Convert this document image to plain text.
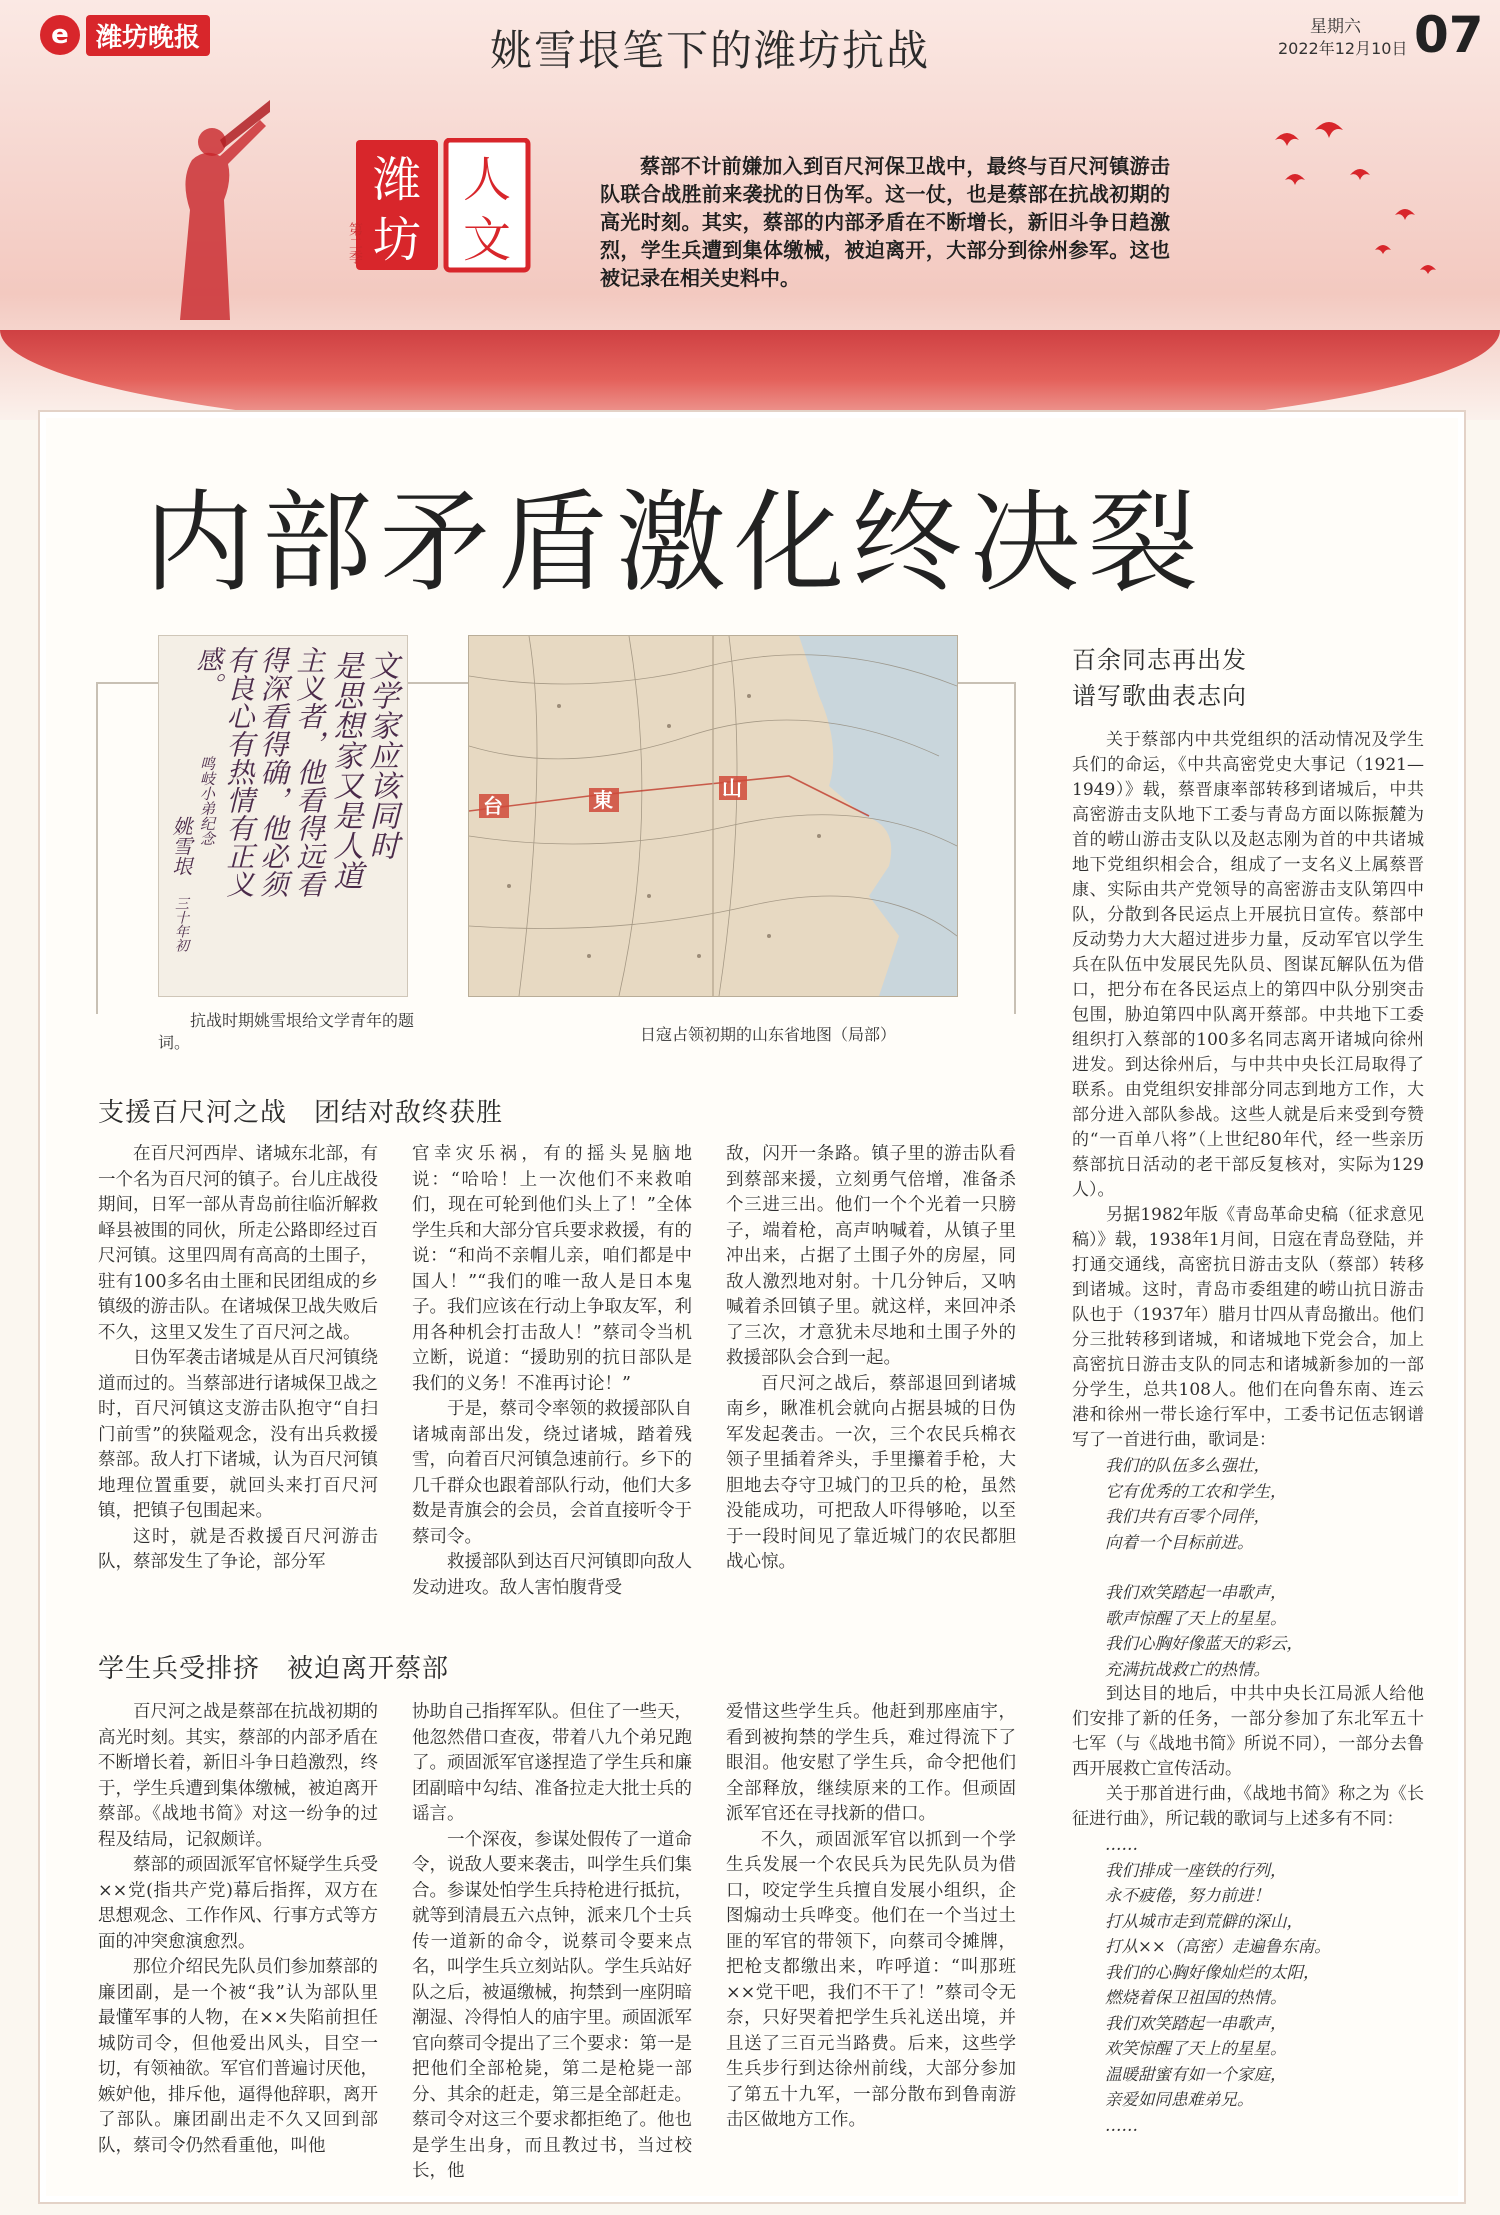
e	潍坊晚报	姚雪垠笔下的潍坊抗战	星期六
2022年12月10日 07
潍 人
坊 文
第二季
蔡部不计前嫌加入到百尺河保卫战中，最终与百尺河镇游击队联合战胜前来袭扰的日伪军。这一仗，也是蔡部在抗战初期的高光时刻。其实，蔡部的内部矛盾在不断增长，新旧斗争日趋激烈，学生兵遭到集体缴械，被迫离开，大部分到徐州参军。这也被记录在相关史料中。
内部矛盾激化终决裂
文学家应该同时
是思想家又是人道
主义者，他看得远看
得深看得确，他必须
有良心有热情有正义
感。
鸣岐小弟纪念
姚雪垠
三十年初
台	東	山
抗战时期姚雪垠给文学青年的题词。	日寇占领初期的山东省地图（局部）
支援百尺河之战　团结对敌终获胜

在百尺河西岸、诸城东北部，有一个名为百尺河的镇子。台儿庄战役期间，日军一部从青岛前往临沂解救峄县被围的同伙，所走公路即经过百尺河镇。这里四周有高高的土围子，驻有100多名由土匪和民团组成的乡镇级的游击队。在诸城保卫战失败后不久，这里又发生了百尺河之战。

日伪军袭击诸城是从百尺河镇绕道而过的。当蔡部进行诸城保卫战之时，百尺河镇这支游击队抱守“自扫门前雪”的狭隘观念，没有出兵救援蔡部。敌人打下诸城，认为百尺河镇地理位置重要，就回头来打百尺河镇，把镇子包围起来。

这时，就是否救援百尺河游击队，蔡部发生了争论，部分军

官幸灾乐祸，有的摇头晃脑地说：“哈哈！上一次他们不来救咱们，现在可轮到他们头上了！”全体学生兵和大部分官兵要求救援，有的说：“和尚不亲帽儿亲，咱们都是中国人！”“我们的唯一敌人是日本鬼子。我们应该在行动上争取友军，利用各种机会打击敌人！”蔡司令当机立断，说道：“援助别的抗日部队是我们的义务！不准再讨论！”

于是，蔡司令率领的救援部队自诸城南部出发，绕过诸城，踏着残雪，向着百尺河镇急速前行。乡下的几千群众也跟着部队行动，他们大多数是青旗会的会员，会首直接听令于蔡司令。

救援部队到达百尺河镇即向敌人发动进攻。敌人害怕腹背受

敌，闪开一条路。镇子里的游击队看到蔡部来援，立刻勇气倍增，准备杀个三进三出。他们一个个光着一只膀子，端着枪，高声呐喊着，从镇子里冲出来，占据了土围子外的房屋，同敌人激烈地对射。十几分钟后，又呐喊着杀回镇子里。就这样，来回冲杀了三次，才意犹未尽地和土围子外的救援部队会合到一起。

百尺河之战后，蔡部退回到诸城南乡，瞅准机会就向占据县城的日伪军发起袭击。一次，三个农民兵棉衣领子里插着斧头，手里攥着手枪，大胆地去夺守卫城门的卫兵的枪，虽然没能成功，可把敌人吓得够呛，以至于一段时间见了靠近城门的农民都胆战心惊。

学生兵受排挤　被迫离开蔡部

百尺河之战是蔡部在抗战初期的高光时刻。其实，蔡部的内部矛盾在不断增长着，新旧斗争日趋激烈，终于，学生兵遭到集体缴械，被迫离开蔡部。《战地书简》对这一纷争的过程及结局，记叙颇详。

蔡部的顽固派军官怀疑学生兵受××党(指共产党)幕后指挥，双方在思想观念、工作作风、行事方式等方面的冲突愈演愈烈。

那位介绍民先队员们参加蔡部的廉团副，是一个被“我”认为部队里最懂军事的人物，在××失陷前担任城防司令，但他爱出风头，目空一切，有领袖欲。军官们普遍讨厌他，嫉妒他，排斥他，逼得他辞职，离开了部队。廉团副出走不久又回到部队，蔡司令仍然看重他，叫他

协助自己指挥军队。但住了一些天，他忽然借口查夜，带着八九个弟兄跑了。顽固派军官遂捏造了学生兵和廉团副暗中勾结、准备拉走大批士兵的谣言。

一个深夜，参谋处假传了一道命令，说敌人要来袭击，叫学生兵们集合。参谋处怕学生兵持枪进行抵抗，就等到清晨五六点钟，派来几个士兵传一道新的命令，说蔡司令要来点名，叫学生兵立刻站队。学生兵站好队之后，被逼缴械，拘禁到一座阴暗潮湿、冷得怕人的庙宇里。顽固派军官向蔡司令提出了三个要求：第一是把他们全部枪毙，第二是枪毙一部分、其余的赶走，第三是全部赶走。蔡司令对这三个要求都拒绝了。他也是学生出身，而且教过书，当过校长，他

爱惜这些学生兵。他赶到那座庙宇，看到被拘禁的学生兵，难过得流下了眼泪。他安慰了学生兵，命令把他们全部释放，继续原来的工作。但顽固派军官还在寻找新的借口。

不久，顽固派军官以抓到一个学生兵发展一个农民兵为民先队员为借口，咬定学生兵擅自发展小组织，企图煽动士兵哗变。他们在一个当过土匪的军官的带领下，向蔡司令摊牌，把枪支都缴出来，咋呼道：“叫那班××党干吧，我们不干了！”蔡司令无奈，只好哭着把学生兵礼送出境，并且送了三百元当路费。后来，这些学生兵步行到达徐州前线，大部分参加了第五十九军，一部分散布到鲁南游击区做地方工作。

百余同志再出发
谱写歌曲表志向

关于蔡部内中共党组织的活动情况及学生兵们的命运，《中共高密党史大事记（1921—1949）》载，蔡晋康率部转移到诸城后，中共高密游击支队地下工委与青岛方面以陈振麓为首的崂山游击支队以及赵志刚为首的中共诸城地下党组织相会合，组成了一支名义上属蔡晋康、实际由共产党领导的高密游击支队第四中队，分散到各民运点上开展抗日宣传。蔡部中反动势力大大超过进步力量，反动军官以学生兵在队伍中发展民先队员、图谋瓦解队伍为借口，把分布在各民运点上的第四中队分别突击包围，胁迫第四中队离开蔡部。中共地下工委组织打入蔡部的100多名同志离开诸城向徐州进发。到达徐州后，与中共中央长江局取得了联系。由党组织安排部分同志到地方工作，大部分进入部队参战。这些人就是后来受到夸赞的“一百单八将”（上世纪80年代，经一些亲历蔡部抗日活动的老干部反复核对，实际为129人）。

另据1982年版《青岛革命史稿（征求意见稿）》载，1938年1月间，日寇在青岛登陆，并打通交通线，高密抗日游击支队（蔡部）转移到诸城。这时，青岛市委组建的崂山抗日游击队也于（1937年）腊月廿四从青岛撤出。他们分三批转移到诸城，和诸城地下党会合，加上高密抗日游击支队的同志和诸城新参加的一部分学生，总共108人。他们在向鲁东南、连云港和徐州一带长途行军中，工委书记伍志钢谱写了一首进行曲，歌词是：

我们的队伍多么强壮，
它有优秀的工农和学生，
我们共有百零个同伴，
向着一个目标前进。
我们欢笑踏起一串歌声，
歌声惊醒了天上的星星。
我们心胸好像蓝天的彩云，
充满抗战救亡的热情。

到达目的地后，中共中央长江局派人给他们安排了新的任务，一部分参加了东北军五十七军（与《战地书简》所说不同），一部分去鲁西开展救亡宣传活动。

关于那首进行曲，《战地书简》称之为《长征进行曲》，所记载的歌词与上述多有不同：

……
我们排成一座铁的行列，
永不疲倦，努力前进！
打从城市走到荒僻的深山，
打从××（高密）走遍鲁东南。
我们的心胸好像灿烂的太阳，
燃烧着保卫祖国的热情。
我们欢笑踏起一串歌声，
欢笑惊醒了天上的星星。
温暖甜蜜有如一个家庭，
亲爱如同患难弟兄。
……
